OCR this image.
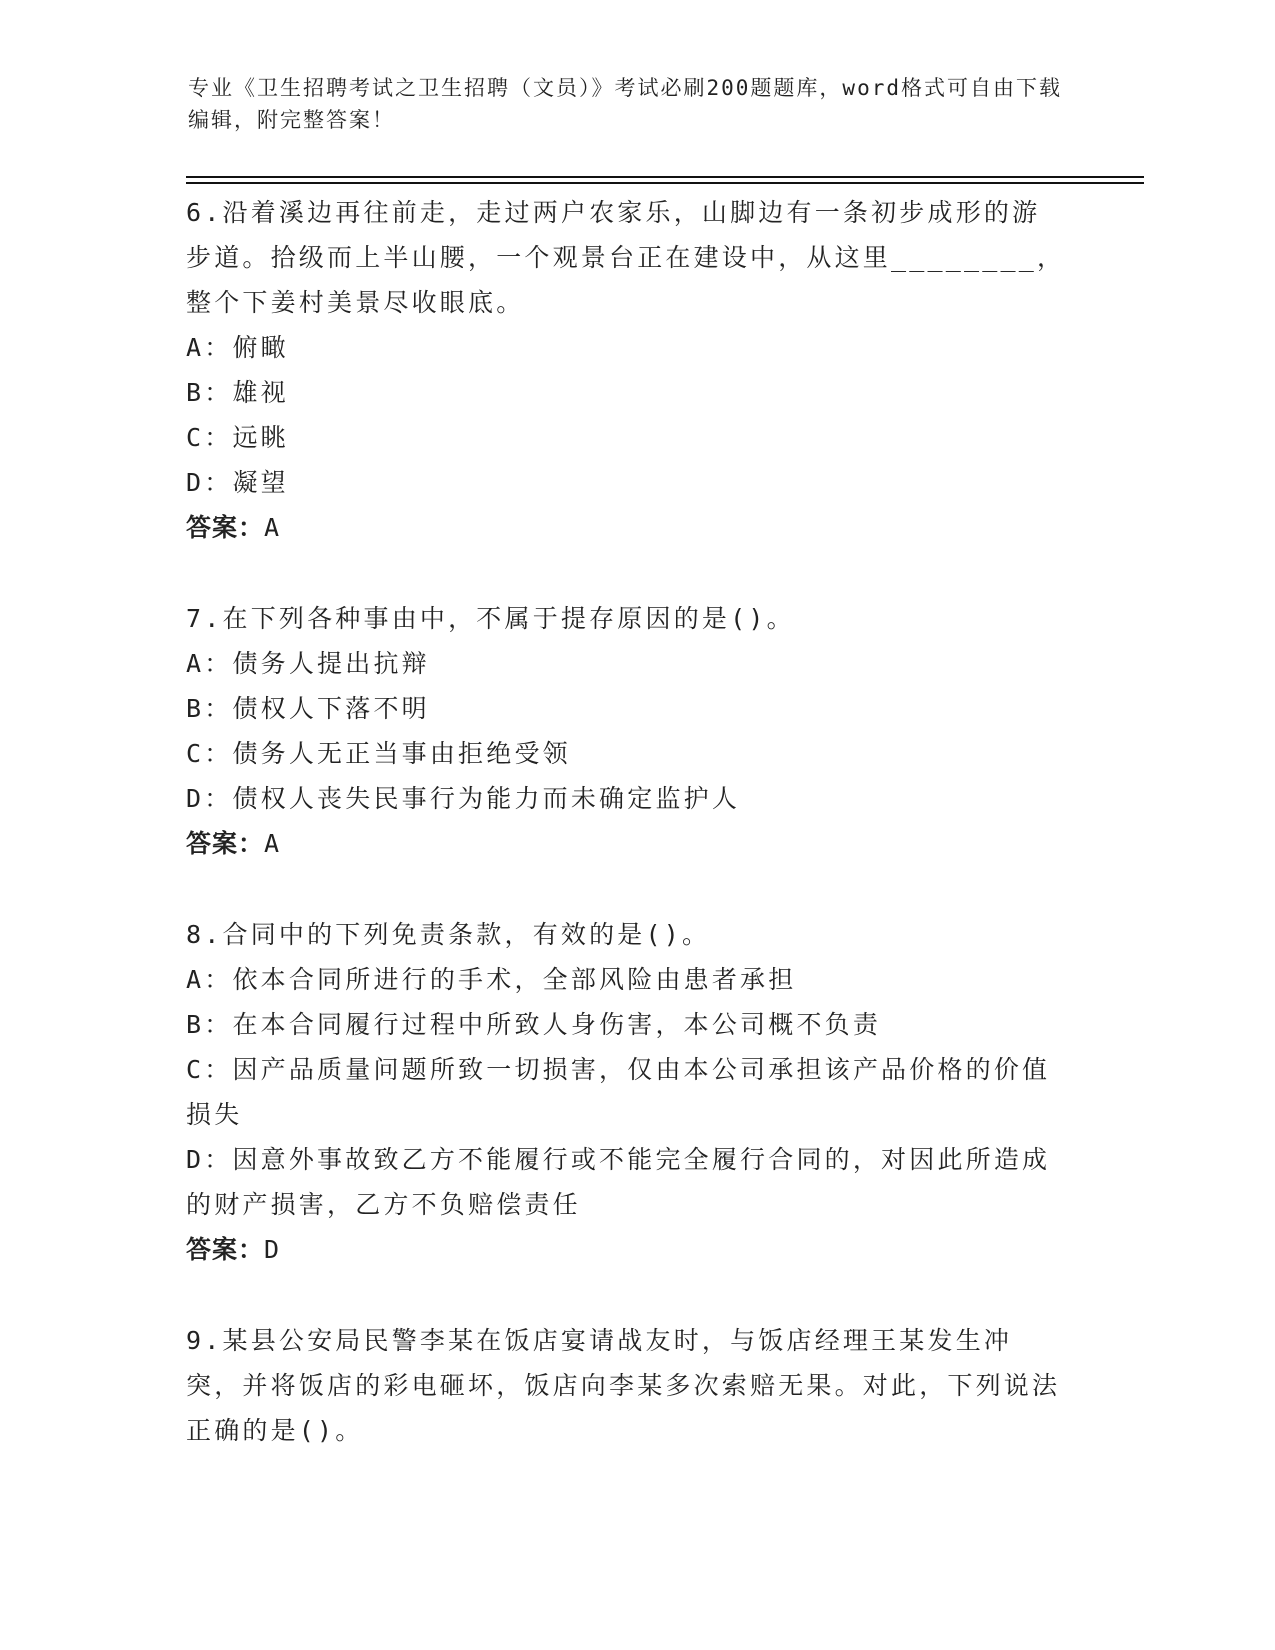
专业《卫生招聘考试之卫生招聘（文员）》考试必刷200题题库，word格式可自由下载编辑，附完整答案！

6.沿着溪边再往前走，走过两户农家乐，山脚边有一条初步成形的游步道。拾级而上半山腰，一个观景台正在建设中，从这里________，整个下姜村美景尽收眼底。

A：俯瞰

B：雄视

C：远眺

D：凝望

答案：A

7.在下列各种事由中，不属于提存原因的是()。

A：债务人提出抗辩

B：债权人下落不明

C：债务人无正当事由拒绝受领

D：债权人丧失民事行为能力而未确定监护人

答案：A

8.合同中的下列免责条款，有效的是()。

A：依本合同所进行的手术，全部风险由患者承担

B：在本合同履行过程中所致人身伤害，本公司概不负责

C：因产品质量问题所致一切损害，仅由本公司承担该产品价格的价值损失

D：因意外事故致乙方不能履行或不能完全履行合同的，对因此所造成的财产损害，乙方不负赔偿责任

答案：D

9.某县公安局民警李某在饭店宴请战友时，与饭店经理王某发生冲突，并将饭店的彩电砸坏，饭店向李某多次索赔无果。对此，下列说法正确的是()。
